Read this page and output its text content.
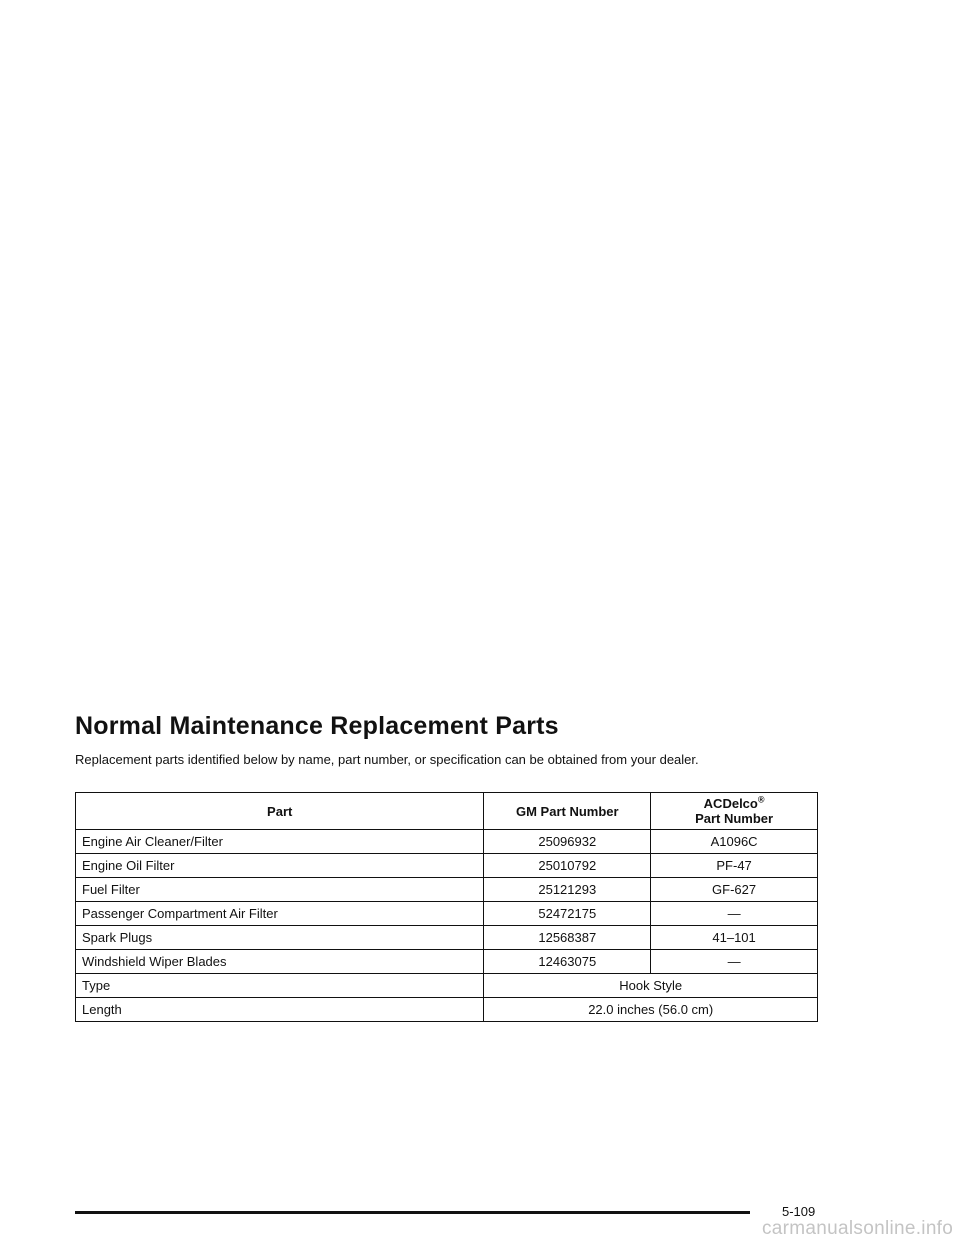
Normal Maintenance Replacement Parts

Replacement parts identified below by name, part number, or specification can be obtained from your dealer.

Part	GM Part Number	ACDelco®
Part Number
Engine Air Cleaner/Filter	25096932	A1096C
Engine Oil Filter	25010792	PF-47
Fuel Filter	25121293	GF-627
Passenger Compartment Air Filter	52472175	—
Spark Plugs	12568387	41–101
Windshield Wiper Blades	12463075	—
Type	Hook Style	
Length	22.0 inches (56.0 cm)	
5-109
carmanualsonline.info
